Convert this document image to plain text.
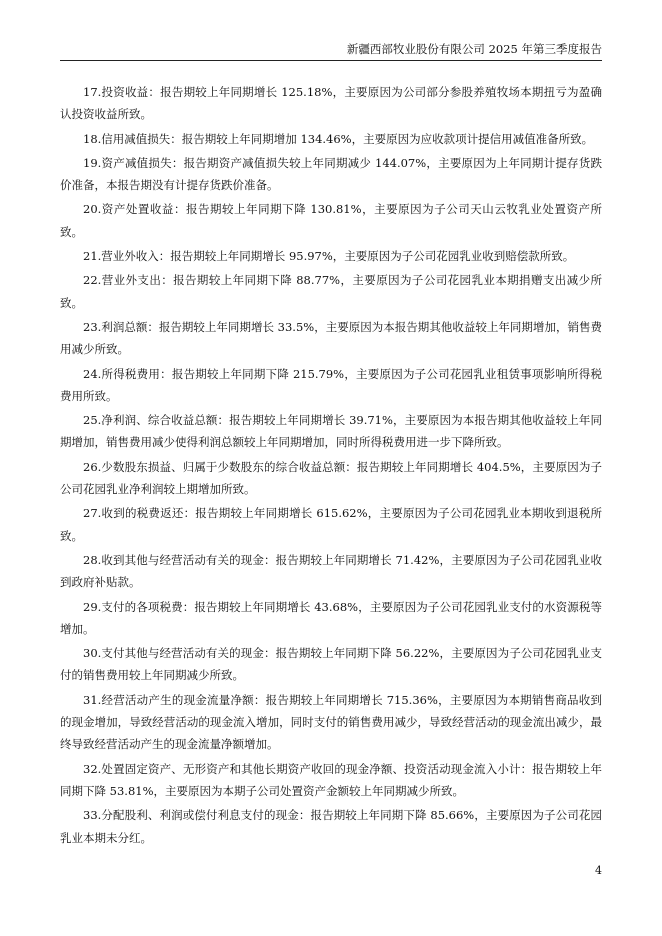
新疆西部牧业股份有限公司 2025 年第三季度报告

17.投资收益：报告期较上年同期增长 125.18%，主要原因为公司部分参股养殖牧场本期扭亏为盈确认投资收益所致。

18.信用减值损失：报告期较上年同期增加 134.46%，主要原因为应收款项计提信用减值准备所致。

19.资产减值损失：报告期资产减值损失较上年同期减少 144.07%，主要原因为上年同期计提存货跌价准备，本报告期没有计提存货跌价准备。

20.资产处置收益：报告期较上年同期下降 130.81%，主要原因为子公司天山云牧乳业处置资产所致。

21.营业外收入：报告期较上年同期增长 95.97%，主要原因为子公司花园乳业收到赔偿款所致。

22.营业外支出：报告期较上年同期下降 88.77%，主要原因为子公司花园乳业本期捐赠支出减少所致。

23.利润总额：报告期较上年同期增长 33.5%，主要原因为本报告期其他收益较上年同期增加，销售费用减少所致。

24.所得税费用：报告期较上年同期下降 215.79%，主要原因为子公司花园乳业租赁事项影响所得税费用所致。

25.净利润、综合收益总额：报告期较上年同期增长 39.71%，主要原因为本报告期其他收益较上年同期增加，销售费用减少使得利润总额较上年同期增加，同时所得税费用进一步下降所致。

26.少数股东损益、归属于少数股东的综合收益总额：报告期较上年同期增长 404.5%，主要原因为子公司花园乳业净利润较上期增加所致。

27.收到的税费返还：报告期较上年同期增长 615.62%，主要原因为子公司花园乳业本期收到退税所致。

28.收到其他与经营活动有关的现金：报告期较上年同期增长 71.42%，主要原因为子公司花园乳业收到政府补贴款。

29.支付的各项税费：报告期较上年同期增长 43.68%，主要原因为子公司花园乳业支付的水资源税等增加。

30.支付其他与经营活动有关的现金：报告期较上年同期下降 56.22%，主要原因为子公司花园乳业支付的销售费用较上年同期减少所致。

31.经营活动产生的现金流量净额：报告期较上年同期增长 715.36%，主要原因为本期销售商品收到的现金增加，导致经营活动的现金流入增加，同时支付的销售费用减少，导致经营活动的现金流出减少，最终导致经营活动产生的现金流量净额增加。

32.处置固定资产、无形资产和其他长期资产收回的现金净额、投资活动现金流入小计：报告期较上年同期下降 53.81%，主要原因为本期子公司处置资产金额较上年同期减少所致。

33.分配股利、利润或偿付利息支付的现金：报告期较上年同期下降 85.66%，主要原因为子公司花园乳业本期未分红。

4
